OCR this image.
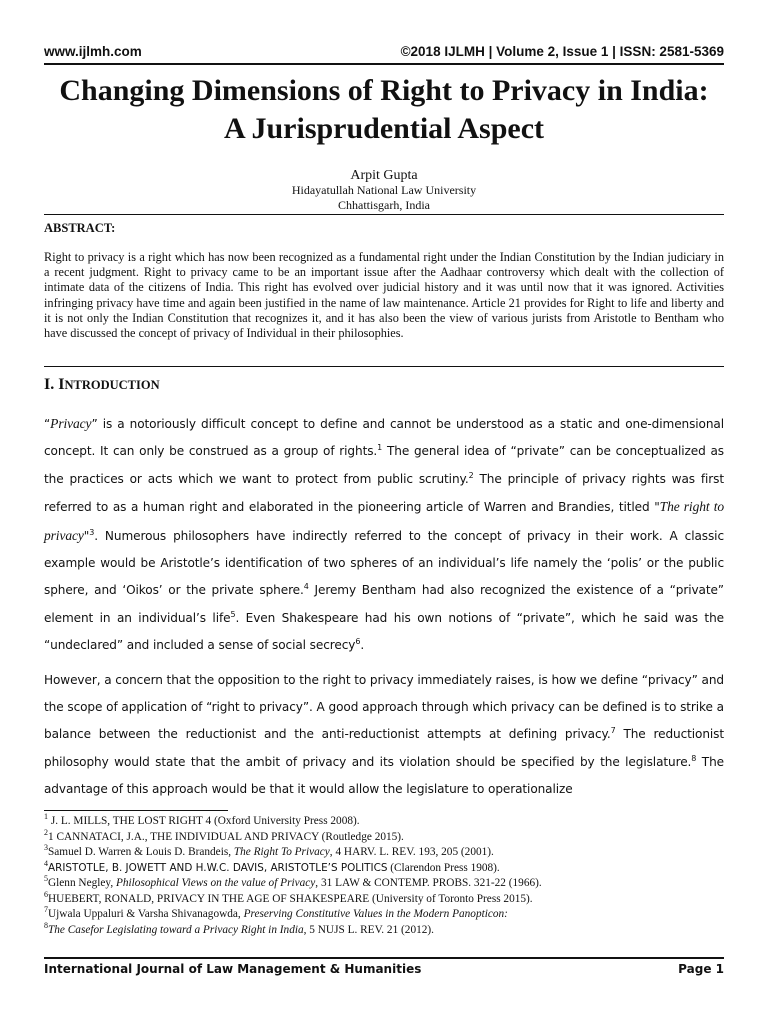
www.ijlmh.com	©2018 IJLMH | Volume 2, Issue 1 | ISSN: 2581-5369
Changing Dimensions of Right to Privacy in India:
A Jurisprudential Aspect
Arpit Gupta
Hidayatullah National Law University
Chhattisgarh, India
ABSTRACT:

Right to privacy is a right which has now been recognized as a fundamental right under the Indian Constitution by the Indian judiciary in a recent judgment. Right to privacy came to be an important issue after the Aadhaar controversy which dealt with the collection of intimate data of the citizens of India. This right has evolved over judicial history and it was until now that it was ignored. Activities infringing privacy have time and again been justified in the name of law maintenance. Article 21 provides for Right to life and liberty and it is not only the Indian Constitution that recognizes it, and it has also been the view of various jurists from Aristotle to Bentham who have discussed the concept of privacy of Individual in their philosophies.

I. INTRODUCTION

“Privacy” is a notoriously difficult concept to define and cannot be understood as a static and one-dimensional concept. It can only be construed as a group of rights.$^1$ The general idea of “private” can be conceptualized as the practices or acts which we want to protect from public scrutiny.$^2$ The principle of privacy rights was first referred to as a human right and elaborated in the pioneering article of Warren and Brandies, titled "The right to privacy"$^3$. Numerous philosophers have indirectly referred to the concept of privacy in their work. A classic example would be Aristotle’s identification of two spheres of an individual’s life namely the ‘polis’ or the public sphere, and ‘Oikos’ or the private sphere.$^4$ Jeremy Bentham had also recognized the existence of a “private” element in an individual’s life$^5$. Even Shakespeare had his own notions of “private”, which he said was the “undeclared” and included a sense of social secrecy$^6$.

However, a concern that the opposition to the right to privacy immediately raises, is how we define “privacy” and the scope of application of “right to privacy”. A good approach through which privacy can be defined is to strike a balance between the reductionist and the anti-reductionist attempts at defining privacy.$^7$ The reductionist philosophy would state that the ambit of privacy and its violation should be specified by the legislature.$^8$ The advantage of this approach would be that it would allow the legislature to operationalize

$^1$ J. L. MILLS, THE LOST RIGHT 4 (Oxford University Press 2008).
$^2$1 CANNATACI, J.A., THE INDIVIDUAL AND PRIVACY (Routledge 2015).
$^3$Samuel D. Warren & Louis D. Brandeis, The Right To Privacy, 4 HARV. L. REV. 193, 205 (2001).
$^4$ARISTOTLE, B. JOWETT AND H.W.C. DAVIS, ARISTOTLE’S POLITICS (Clarendon Press 1908).
$^5$Glenn Negley, Philosophical Views on the value of Privacy, 31 LAW & CONTEMP. PROBS. 321-22 (1966).
$^6$HUEBERT, RONALD, PRIVACY IN THE AGE OF SHAKESPEARE (University of Toronto Press 2015).
$^7$Ujwala Uppaluri & Varsha Shivanagowda, Preserving Constitutive Values in the Modern Panopticon:
$^8$The Casefor Legislating toward a Privacy Right in India, 5 NUJS L. REV. 21 (2012).
International Journal of Law Management & Humanities	Page 1
